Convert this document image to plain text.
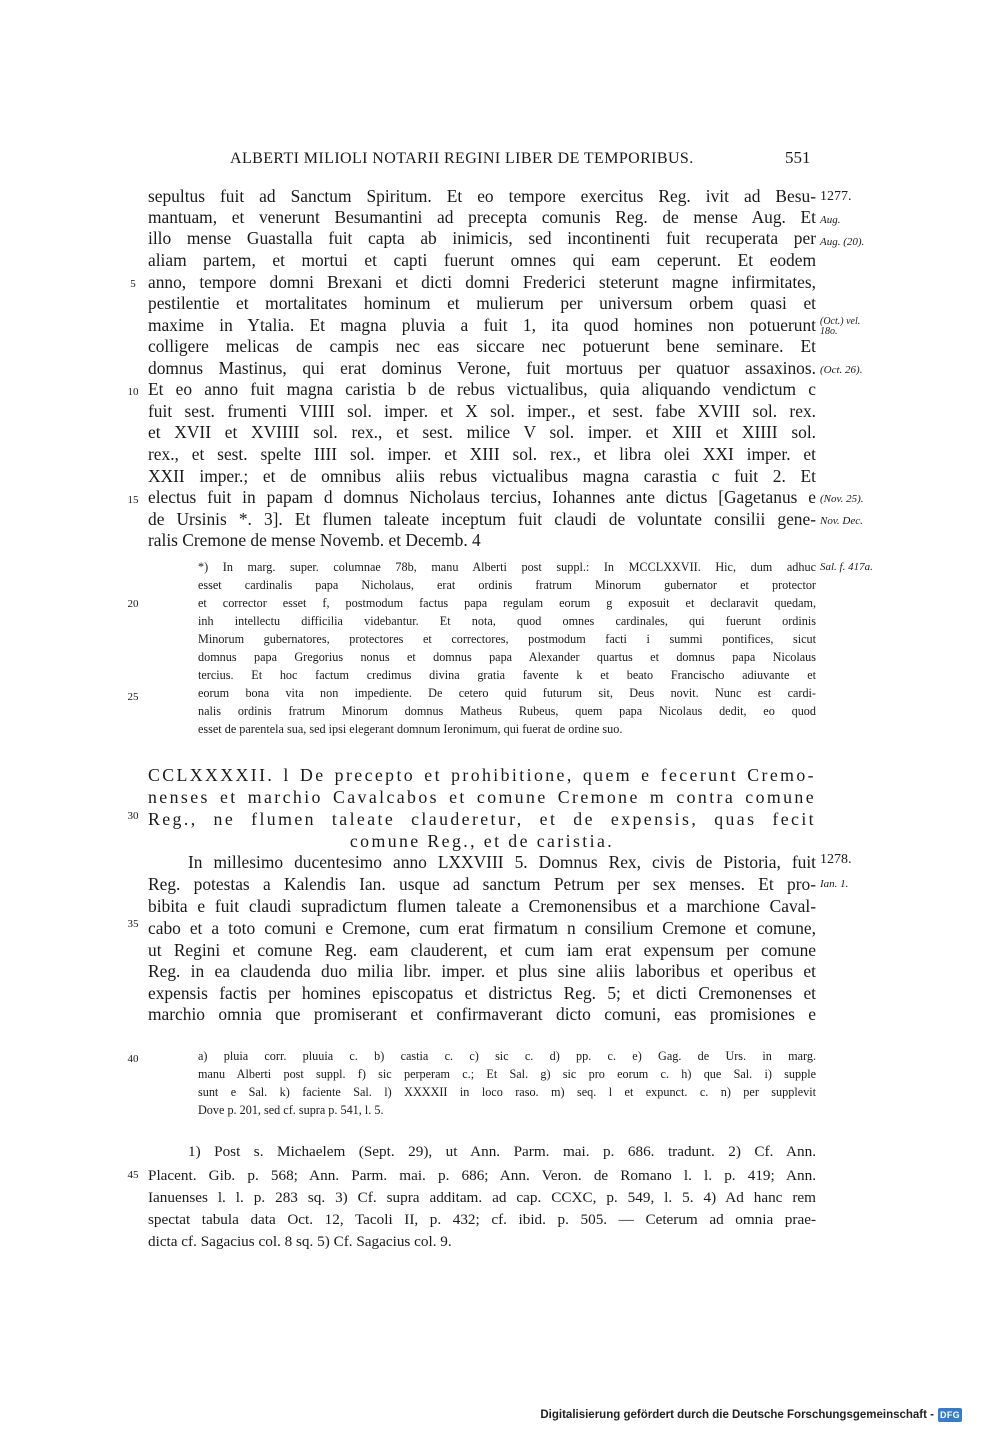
ALBERTI MILIOLI NOTARII REGINI LIBER DE TEMPORIBUS.	551
sepultus fuit ad Sanctum Spiritum. Et eo tempore exercitus Reg. ivit ad Besu-
mantuam, et venerunt Besumantini ad precepta comunis Reg. de mense Aug. Et
illo mense Guastalla fuit capta ab inimicis, sed incontinenti fuit recuperata per
aliam partem, et mortui et capti fuerunt omnes qui eam ceperunt. Et eodem
anno, tempore domni Brexani et dicti domni Frederici steterunt magne infirmitates,
pestilentie et mortalitates hominum et mulierum per universum orbem quasi et
maxime in Ytalia. Et magna pluvia a fuit 1, ita quod homines non potuerunt
colligere melicas de campis nec eas siccare nec potuerunt bene seminare. Et
domnus Mastinus, qui erat dominus Verone, fuit mortuus per quatuor assaxinos.
Et eo anno fuit magna caristia b de rebus victualibus, quia aliquando vendictum c
fuit sest. frumenti VIIII sol. imper. et X sol. imper., et sest. fabe XVIII sol. rex.
et XVII et XVIIII sol. rex., et sest. milice V sol. imper. et XIII et XIIII sol.
rex., et sest. spelte IIII sol. imper. et XIII sol. rex., et libra olei XXI imper. et
XXII imper.; et de omnibus aliis rebus victualibus magna carastia c fuit 2. Et
electus fuit in papam d domnus Nicholaus tercius, Iohannes ante dictus [Gagetanus e
de Ursinis *. 3]. Et flumen taleate inceptum fuit claudi de voluntate consilii gene-
ralis Cremone de mense Novemb. et Decemb. 4
5
10
15
20
25
30
35
40
45
1277.
Aug.
Aug. (20).
(Oct.) vel. 18o.
(Oct. 26).
(Nov. 25).
Nov. Dec.
Sal. f. 417a.
1278.
Ian. 1.
*) In marg. super. columnae 78b, manu Alberti post suppl.: In MCCLXXVII. Hic, dum adhuc
esset cardinalis papa Nicholaus, erat ordinis fratrum Minorum gubernator et protector
et corrector esset f, postmodum factus papa regulam eorum g exposuit et declaravit quedam,
inh intellectu difficilia videbantur. Et nota, quod omnes cardinales, qui fuerunt ordinis
Minorum gubernatores, protectores et correctores, postmodum facti i summi pontifices, sicut
domnus papa Gregorius nonus et domnus papa Alexander quartus et domnus papa Nicolaus
tercius. Et hoc factum credimus divina gratia favente k et beato Francischo adiuvante et
eorum bona vita non impediente. De cetero quid futurum sit, Deus novit. Nunc est cardi-
nalis ordinis fratrum Minorum domnus Matheus Rubeus, quem papa Nicolaus dedit, eo quod
esset de parentela sua, sed ipsi elegerant domnum Ieronimum, qui fuerat de ordine suo.
CCLXXXXII. l De precepto et prohibitione, quem e fecerunt Cremo-
nenses et marchio Cavalcabos et comune Cremone m contra comune
Reg., ne flumen taleate clauderetur, et de expensis, quas fecit
comune Reg., et de caristia.
In millesimo ducentesimo anno LXXVIII 5. Domnus Rex, civis de Pistoria, fuit
Reg. potestas a Kalendis Ian. usque ad sanctum Petrum per sex menses. Et pro-
bibita e fuit claudi supradictum flumen taleate a Cremonensibus et a marchione Caval-
cabo et a toto comuni e Cremone, cum erat firmatum n consilium Cremone et comune,
ut Regini et comune Reg. eam clauderent, et cum iam erat expensum per comune
Reg. in ea claudenda duo milia libr. imper. et plus sine aliis laboribus et operibus et
expensis factis per homines episcopatus et districtus Reg. 5; et dicti Cremonenses et
marchio omnia que promiserant et confirmaverant dicto comuni, eas promisiones e
a) pluia corr. pluuia c. b) castia c. c) sic c. d) pp. c. e) Gag. de Urs. in marg.
manu Alberti post suppl. f) sic perperam c.; Et Sal. g) sic pro eorum c. h) que Sal. i) supple
sunt e Sal. k) faciente Sal. l) XXXXII in loco raso. m) seq. l et expunct. c. n) per supplevit
Dove p. 201, sed cf. supra p. 541, l. 5.
1) Post s. Michaelem (Sept. 29), ut Ann. Parm. mai. p. 686. tradunt. 2) Cf. Ann.
Placent. Gib. p. 568; Ann. Parm. mai. p. 686; Ann. Veron. de Romano l. l. p. 419; Ann.
Ianuenses l. l. p. 283 sq. 3) Cf. supra additam. ad cap. CCXC, p. 549, l. 5. 4) Ad hanc rem
spectat tabula data Oct. 12, Tacoli II, p. 432; cf. ibid. p. 505. — Ceterum ad omnia prae-
dicta cf. Sagacius col. 8 sq. 5) Cf. Sagacius col. 9.
Digitalisierung gefördert durch die Deutsche Forschungsgemeinschaft - DFG
